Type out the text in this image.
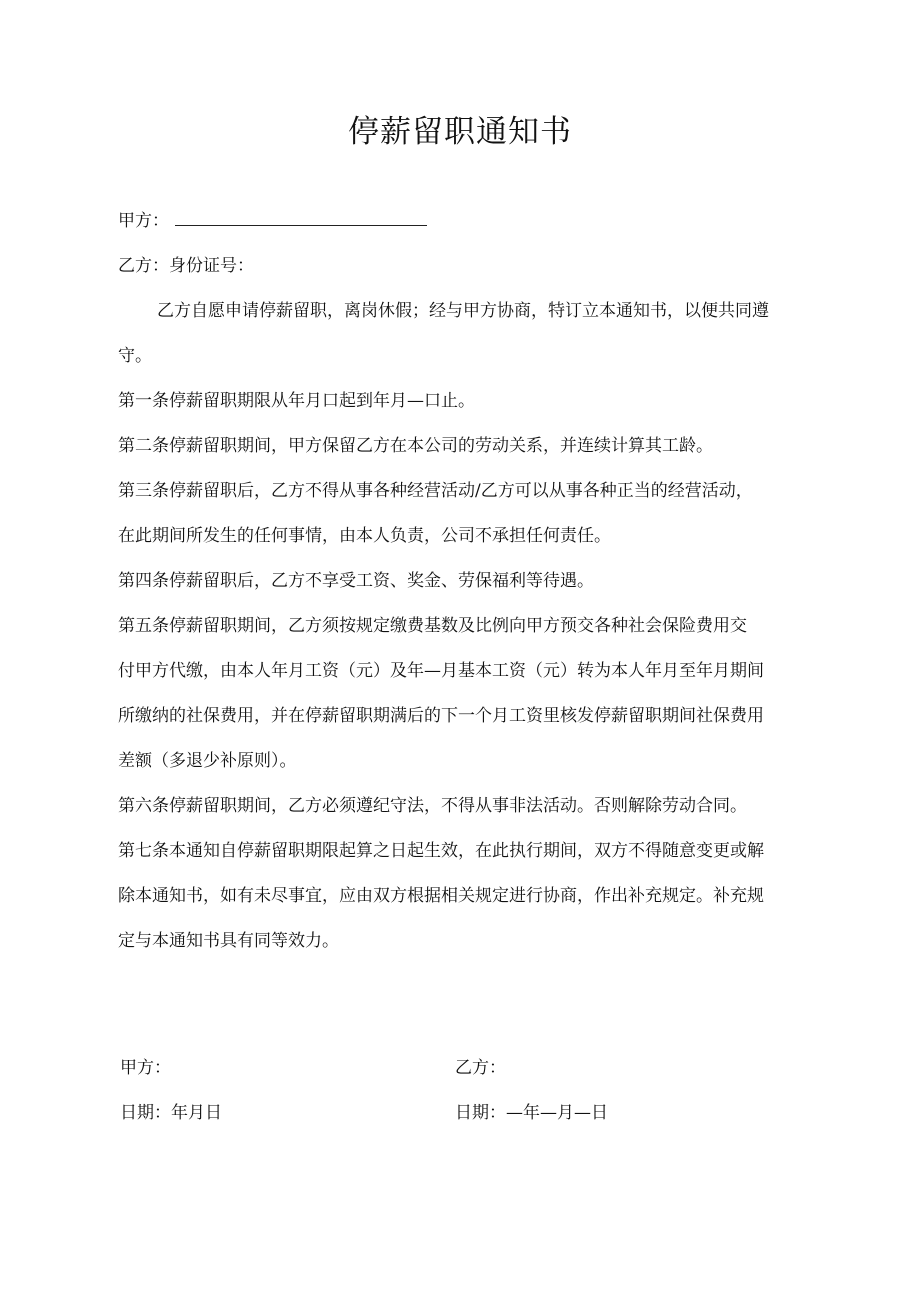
停薪留职通知书
甲方：
乙方：身份证号：
乙方自愿申请停薪留职，离岗休假；经与甲方协商，特订立本通知书，以便共同遵
守。
第一条停薪留职期限从年月口起到年月—口止。
第二条停薪留职期间，甲方保留乙方在本公司的劳动关系，并连续计算其工龄。
第三条停薪留职后，乙方不得从事各种经营活动/乙方可以从事各种正当的经营活动，
在此期间所发生的任何事情，由本人负责，公司不承担任何责任。
第四条停薪留职后，乙方不享受工资、奖金、劳保福利等待遇。
第五条停薪留职期间，乙方须按规定缴费基数及比例向甲方预交各种社会保险费用交
付甲方代缴，由本人年月工资（元）及年—月基本工资（元）转为本人年月至年月期间
所缴纳的社保费用，并在停薪留职期满后的下一个月工资里核发停薪留职期间社保费用
差额（多退少补原则）。
第六条停薪留职期间，乙方必须遵纪守法，不得从事非法活动。否则解除劳动合同。
第七条本通知自停薪留职期限起算之日起生效，在此执行期间，双方不得随意变更或解
除本通知书，如有未尽事宜，应由双方根据相关规定进行协商，作出补充规定。补充规
定与本通知书具有同等效力。
甲方：	乙方：
日期：年月日	日期：—年—月—日
